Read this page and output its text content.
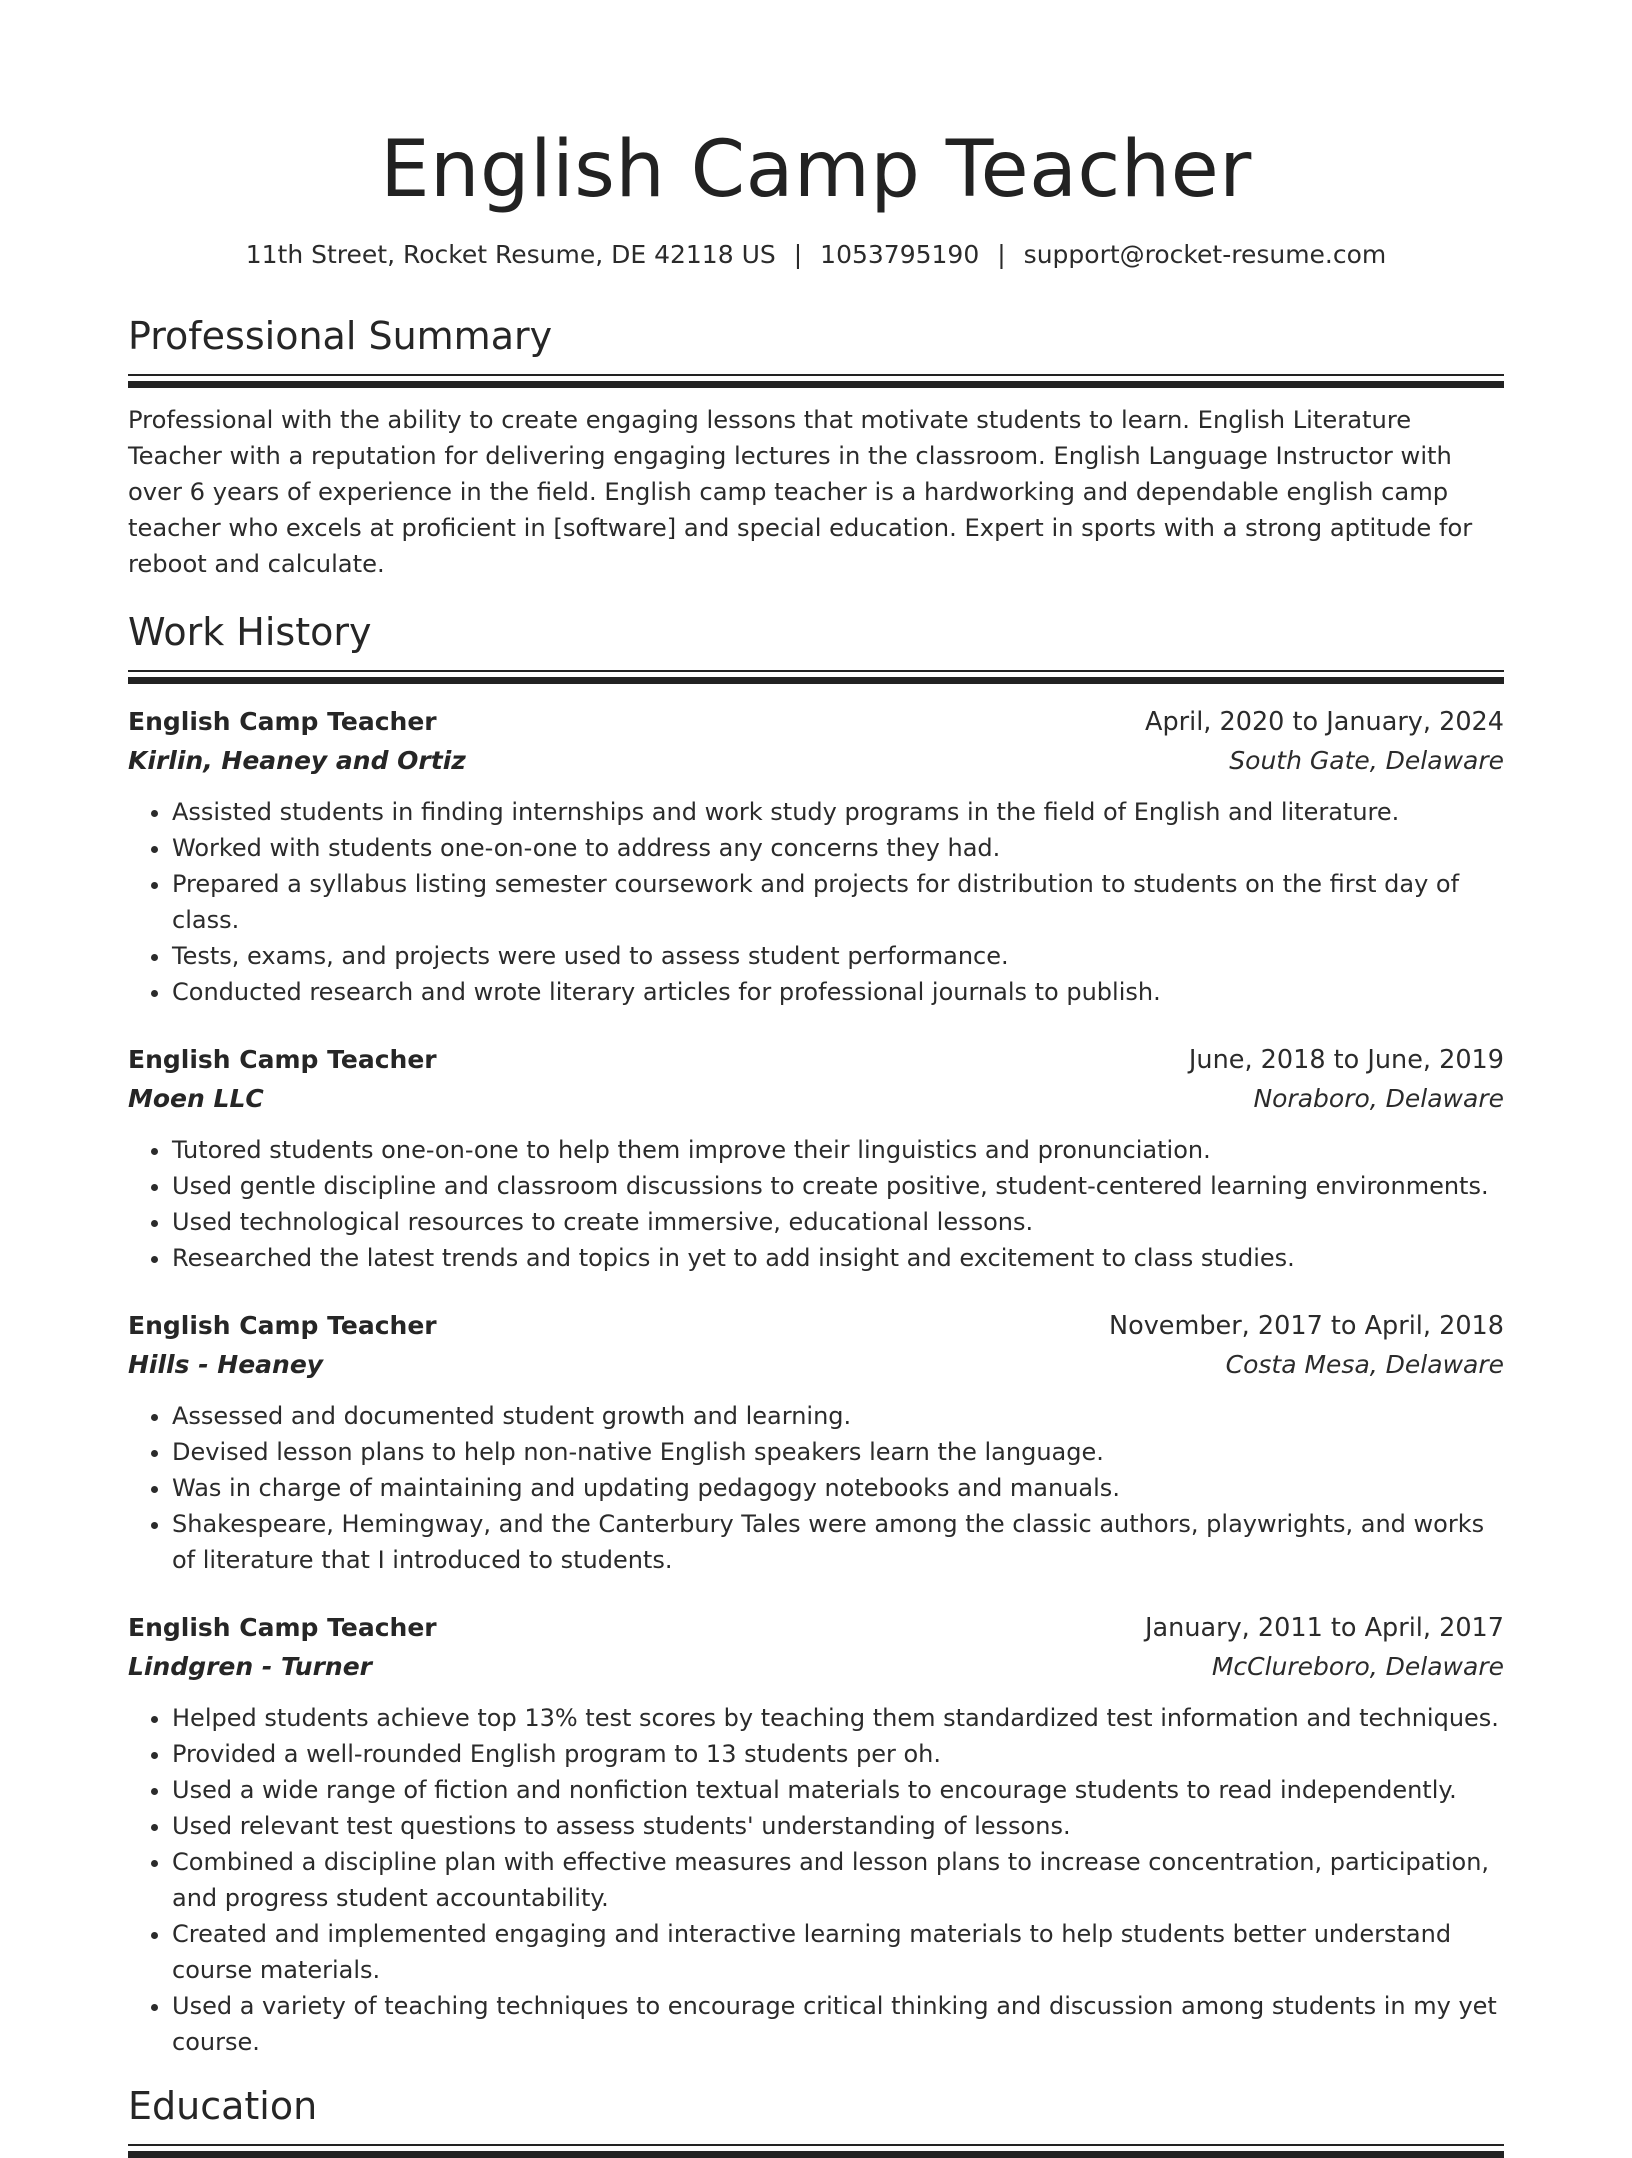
English Camp Teacher
11th Street, Rocket Resume, DE 42118 US | 1053795190 | support@rocket-resume.com
Professional Summary
Professional with the ability to create engaging lessons that motivate students to learn. English Literature Teacher with a reputation for delivering engaging lectures in the classroom. English Language Instructor with over 6 years of experience in the field. English camp teacher is a hardworking and dependable english camp teacher who excels at proficient in [software] and special education. Expert in sports with a strong aptitude for reboot and calculate.
Work History
English Camp Teacher	April, 2020 to January, 2024
Kirlin, Heaney and Ortiz	South Gate, Delaware
• Assisted students in finding internships and work study programs in the field of English and literature.
• Worked with students one-on-one to address any concerns they had.
• Prepared a syllabus listing semester coursework and projects for distribution to students on the first day of class.
• Tests, exams, and projects were used to assess student performance.
• Conducted research and wrote literary articles for professional journals to publish.
English Camp Teacher	June, 2018 to June, 2019
Moen LLC	Noraboro, Delaware
• Tutored students one-on-one to help them improve their linguistics and pronunciation.
• Used gentle discipline and classroom discussions to create positive, student-centered learning environments.
• Used technological resources to create immersive, educational lessons.
• Researched the latest trends and topics in yet to add insight and excitement to class studies.
English Camp Teacher	November, 2017 to April, 2018
Hills - Heaney	Costa Mesa, Delaware
• Assessed and documented student growth and learning.
• Devised lesson plans to help non-native English speakers learn the language.
• Was in charge of maintaining and updating pedagogy notebooks and manuals.
• Shakespeare, Hemingway, and the Canterbury Tales were among the classic authors, playwrights, and works of literature that I introduced to students.
English Camp Teacher	January, 2011 to April, 2017
Lindgren - Turner	McClureboro, Delaware
• Helped students achieve top 13% test scores by teaching them standardized test information and techniques.
• Provided a well-rounded English program to 13 students per oh.
• Used a wide range of fiction and nonfiction textual materials to encourage students to read independently.
• Used relevant test questions to assess students' understanding of lessons.
• Combined a discipline plan with effective measures and lesson plans to increase concentration, participation, and progress student accountability.
• Created and implemented engaging and interactive learning materials to help students better understand course materials.
• Used a variety of teaching techniques to encourage critical thinking and discussion among students in my yet course.
Education
